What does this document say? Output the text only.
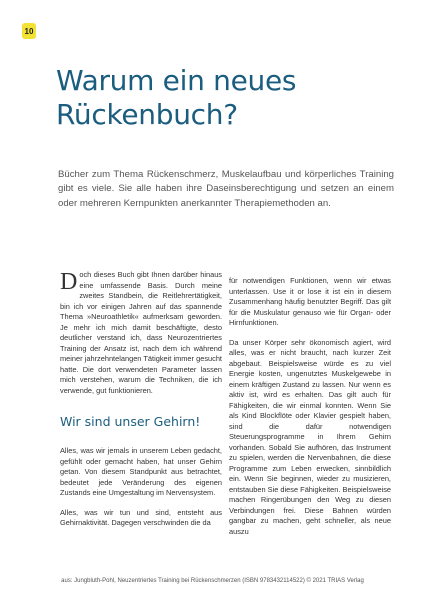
10
Warum ein neues Rückenbuch?

Bücher zum Thema Rückenschmerz, Muskelaufbau und körperliches Training gibt es viele. Sie alle haben ihre Daseinsberechtigung und setzen an einem oder mehreren Kernpunkten anerkannter Therapiemethoden an.

Doch dieses Buch gibt Ihnen darüber hinaus eine umfassende Basis. Durch meine zweites Standbein, die Reitlehrertätigkeit, bin ich vor einigen Jahren auf das spannende Thema »Neuroathletik« aufmerksam geworden. Je mehr ich mich damit beschäftigte, desto deutlicher verstand ich, dass Neurozentriertes Training der Ansatz ist, nach dem ich während meiner jahrzehntelangen Tätigkeit immer gesucht hatte. Die dort verwendeten Parameter lassen mich verstehen, warum die Techniken, die ich verwende, gut funktionieren.

Wir sind unser Gehirn!

Alles, was wir jemals in unserem Leben gedacht, gefühlt oder gemacht haben, hat unser Gehirn getan. Von diesem Standpunkt aus betrachtet, bedeutet jede Veränderung des eigenen Zustands eine Umgestaltung im Nervensystem.

Alles, was wir tun und sind, entsteht aus Gehirnaktivität. Dagegen verschwinden die da

für notwendigen Funktionen, wenn wir etwas unterlassen. Use it or lose it ist ein in diesem Zusammenhang häufig benutzter Begriff. Das gilt für die Muskulatur genauso wie für Organ- oder Hirnfunktionen.

Da unser Körper sehr ökonomisch agiert, wird alles, was er nicht braucht, nach kurzer Zeit abgebaut. Beispielsweise würde es zu viel Energie kosten, ungenutztes Muskelgewebe in einem kräftigen Zustand zu lassen. Nur wenn es aktiv ist, wird es erhalten. Das gilt auch für Fähigkeiten, die wir einmal konnten. Wenn Sie als Kind Blockflöte oder Klavier gespielt haben, sind die dafür notwendigen Steuerungsprogramme in Ihrem Gehirn vorhanden. Sobald Sie aufhören, das Instrument zu spielen, werden die Nervenbahnen, die diese Programme zum Leben erwecken, sinnbildlich ein. Wenn Sie beginnen, wieder zu musizieren, entstauben Sie diese Fähigkeiten. Beispielsweise machen Ringerübungen den Weg zu diesen Verbindungen frei. Diese Bahnen würden gangbar zu machen, geht schneller, als neue auszu

aus: Jungbluth-Pohl, Neuzentriertes Training bei Rückenschmerzen (ISBN 9783432114522) © 2021 TRIAS Verlag
